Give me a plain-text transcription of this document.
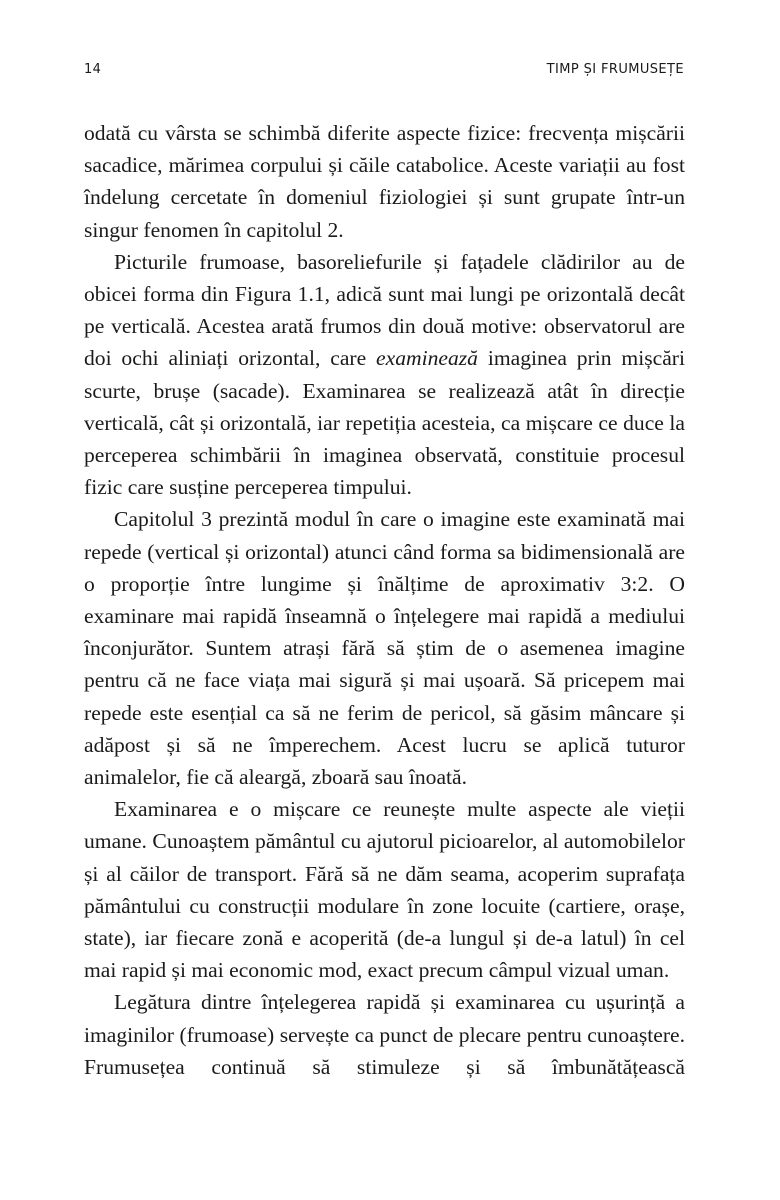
14	TIMP ȘI FRUMUSEȚE

odată cu vârsta se schimbă diferite aspecte fizice: frecvența mișcării sacadice, mărimea corpului și căile catabolice. Aceste variații au fost îndelung cercetate în domeniul fiziologiei și sunt grupate într-un singur fenomen în capitolul 2.

Picturile frumoase, basoreliefurile și fațadele clădirilor au de obicei forma din Figura 1.1, adică sunt mai lungi pe orizontală decât pe verticală. Acestea arată frumos din două motive: observatorul are doi ochi aliniați orizontal, care examinează imaginea prin mișcări scurte, brușe (sacade). Examinarea se realizează atât în direcție verticală, cât și orizontală, iar repetiția acesteia, ca mișcare ce duce la perceperea schimbării în imaginea observată, constituie procesul fizic care susține perceperea timpului.

Capitolul 3 prezintă modul în care o imagine este examinată mai repede (vertical și orizontal) atunci când forma sa bidimensională are o proporție între lungime și înălțime de aproximativ 3:2. O examinare mai rapidă înseamnă o înțelegere mai rapidă a mediului înconjurător. Suntem atrași fără să știm de o asemenea imagine pentru că ne face viața mai sigură și mai ușoară. Să pricepem mai repede este esențial ca să ne ferim de pericol, să găsim mâncare și adăpost și să ne împerechem. Acest lucru se aplică tuturor animalelor, fie că aleargă, zboară sau înoată.

Examinarea e o mișcare ce reunește multe aspecte ale vieții umane. Cunoaștem pământul cu ajutorul picioarelor, al automobilelor și al căilor de transport. Fără să ne dăm seama, acoperim suprafața pământului cu construcții modulare în zone locuite (cartiere, orașe, state), iar fiecare zonă e acoperită (de-a lungul și de-a latul) în cel mai rapid și mai economic mod, exact precum câmpul vizual uman.

Legătura dintre înțelegerea rapidă și examinarea cu ușurință a imaginilor (frumoase) servește ca punct de plecare pentru cunoaștere. Frumusețea continuă să stimuleze și să îmbunătățească
